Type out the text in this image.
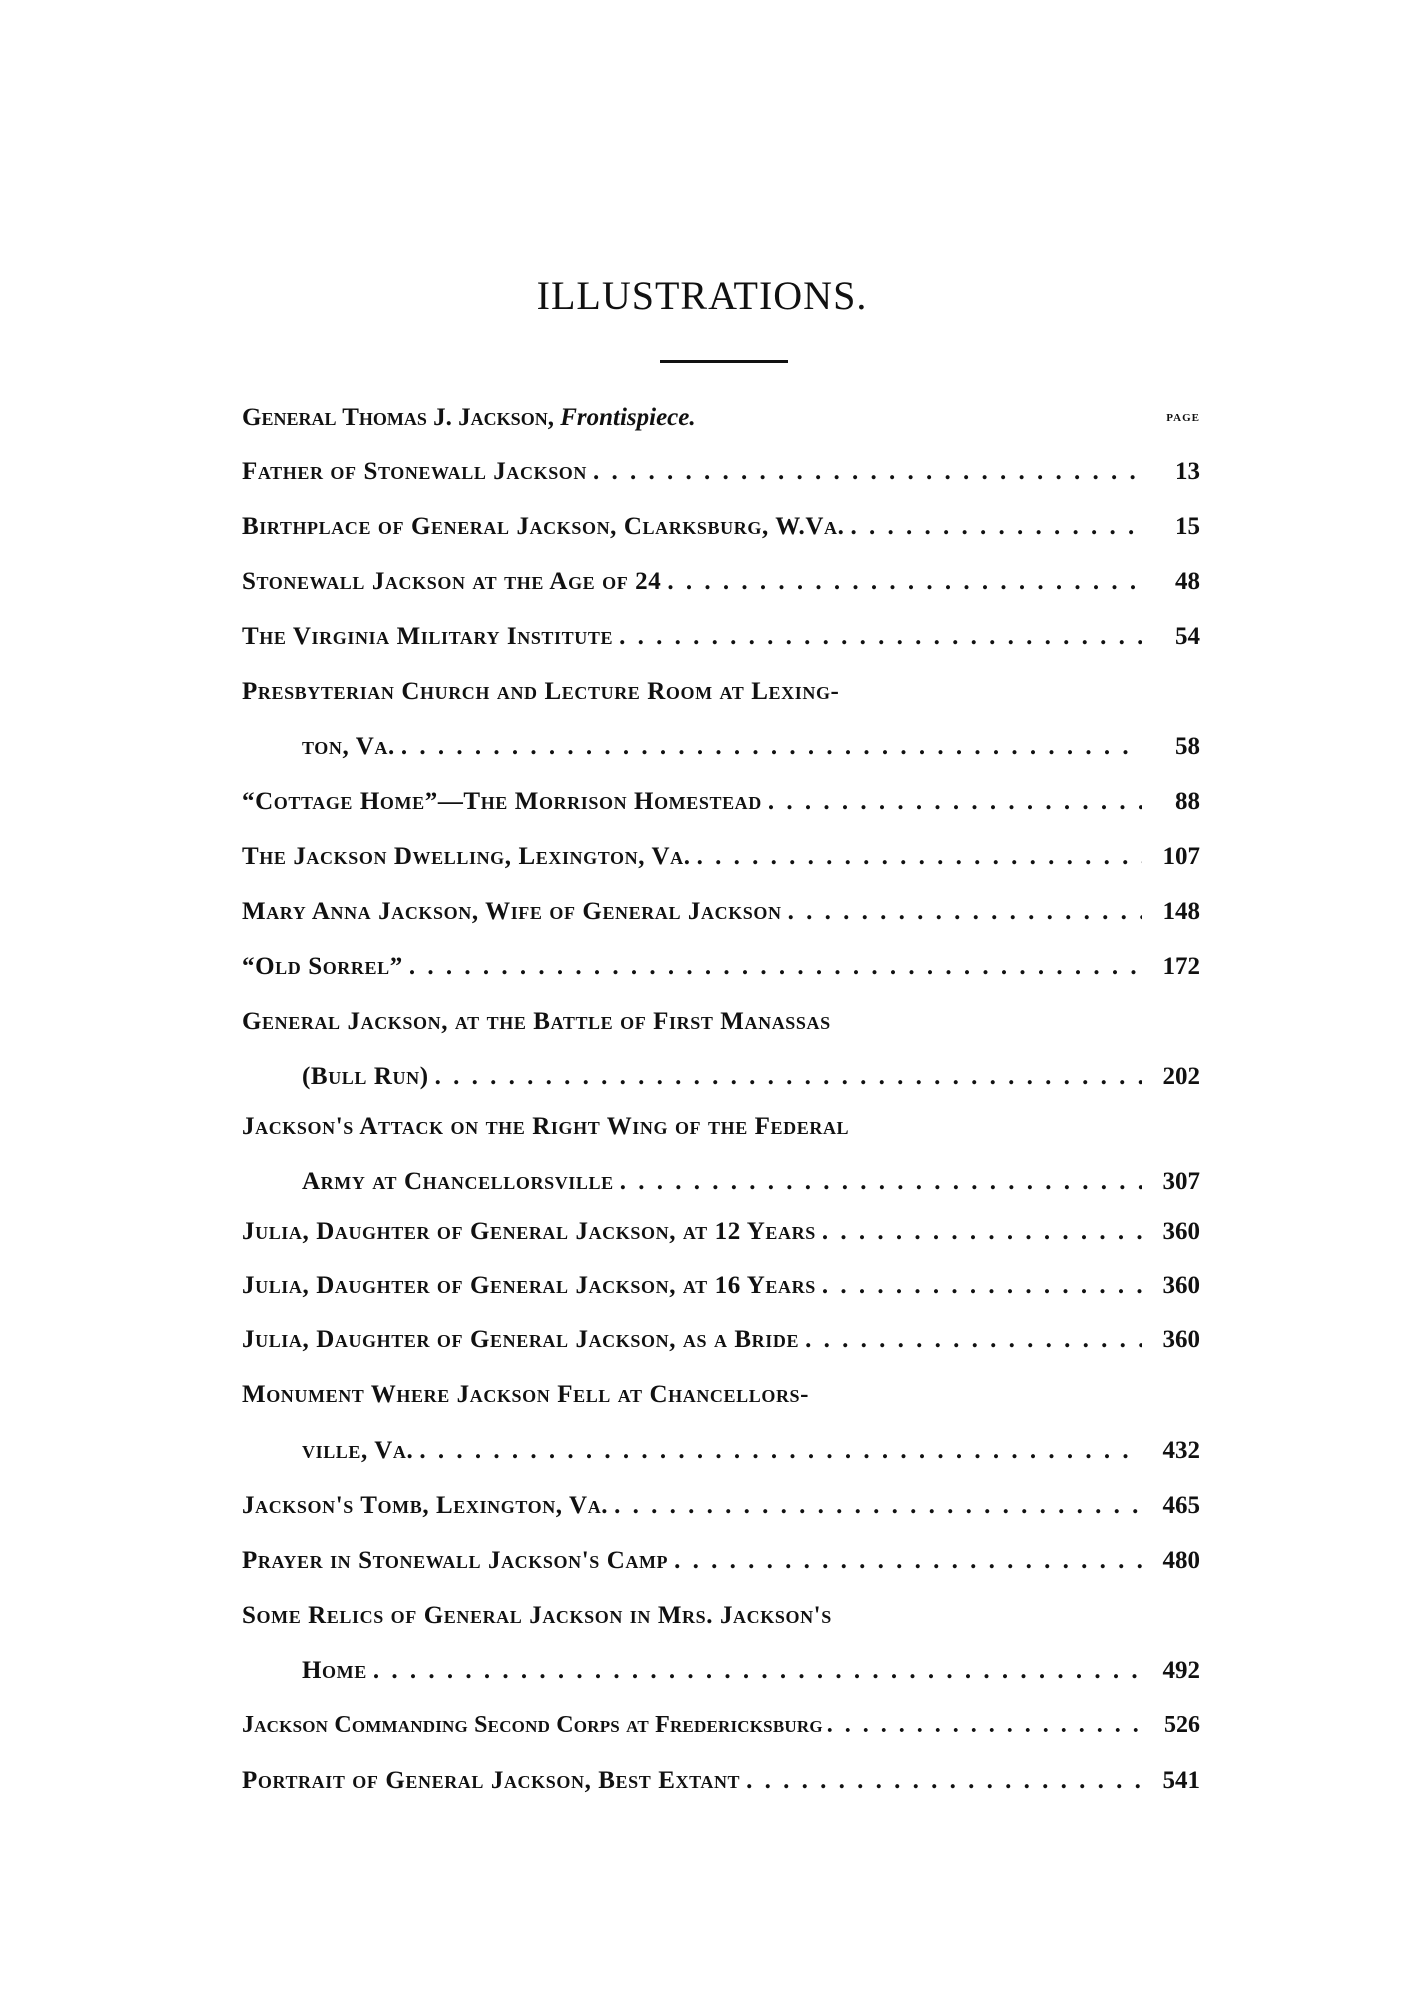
ILLUSTRATIONS.
General Thomas J. Jackson, Frontispiece.	PAGE
Father of Stonewall Jackson . . .	13
Birthplace of General Jackson, Clarksburg, W.Va. . . .	15
Stonewall Jackson at the Age of 24 . . .	48
The Virginia Military Institute . . .	54
Presbyterian Church and Lecture Room at Lexing-
ton, Va. . . .	58
“Cottage Home”—The Morrison Homestead . . .	88
The Jackson Dwelling, Lexington, Va. . . .	107
Mary Anna Jackson, Wife of General Jackson . . .	148
“Old Sorrel” . . .	172
General Jackson, at the Battle of First Manassas
(Bull Run) . . .	202
Jackson's Attack on the Right Wing of the Federal
Army at Chancellorsville . . .	307
Julia, Daughter of General Jackson, at 12 Years . . .	360
Julia, Daughter of General Jackson, at 16 Years . . .	360
Julia, Daughter of General Jackson, as a Bride . . .	360
Monument Where Jackson Fell at Chancellors-
ville, Va. . . .	432
Jackson's Tomb, Lexington, Va. . . .	465
Prayer in Stonewall Jackson's Camp . . .	480
Some Relics of General Jackson in Mrs. Jackson's
Home . . .	492
Jackson Commanding Second Corps at Fredericksburg . . .	526
Portrait of General Jackson, Best Extant . . .	541
